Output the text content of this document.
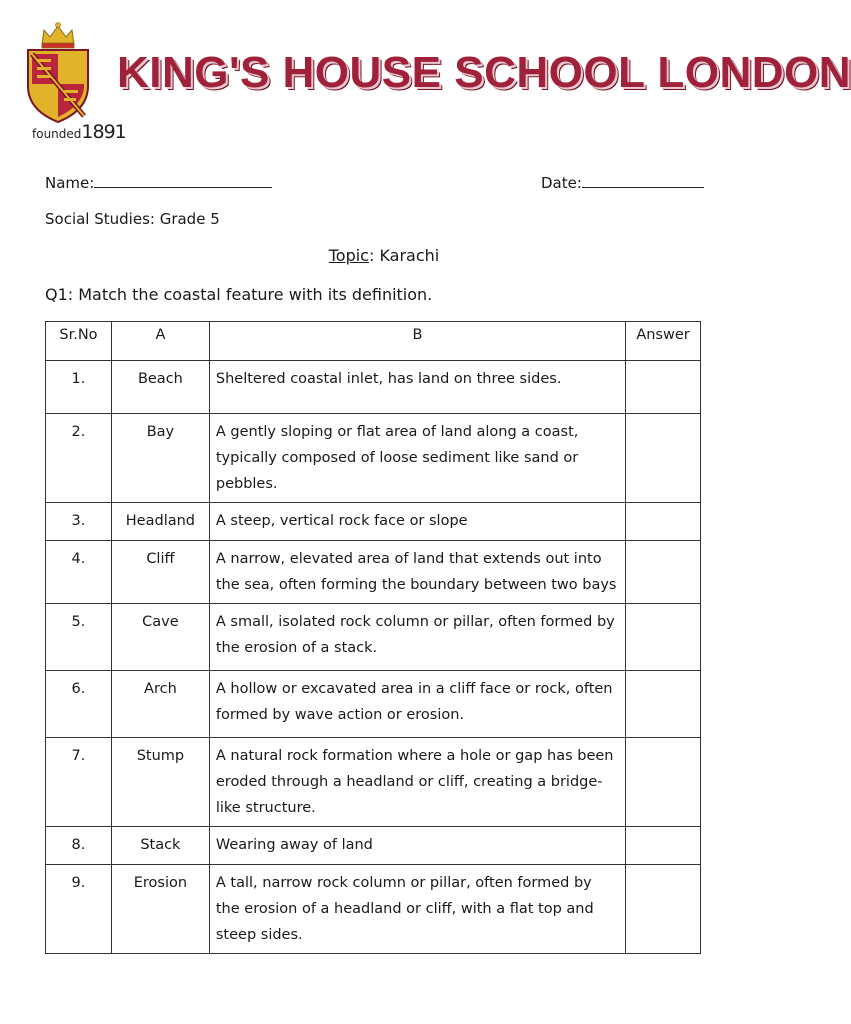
founded1891
KING'S HOUSE SCHOOL LONDON
Name:	Date:
Social Studies: Grade 5
Topic: Karachi
Q1: Match the coastal feature with its definition.
Sr.No	A	B	Answer
1.	Beach	Sheltered coastal inlet, has land on three sides.	
2.	Bay	A gently sloping or flat area of land along a coast, typically composed of loose sediment like sand or pebbles.	
3.	Headland	A steep, vertical rock face or slope	
4.	Cliff	A narrow, elevated area of land that extends out into the sea, often forming the boundary between two bays	
5.	Cave	A small, isolated rock column or pillar, often formed by the erosion of a stack.	
6.	Arch	A hollow or excavated area in a cliff face or rock, often formed by wave action or erosion.	
7.	Stump	A natural rock formation where a hole or gap has been eroded through a headland or cliff, creating a bridge-like structure.	
8.	Stack	Wearing away of land	
9.	Erosion	A tall, narrow rock column or pillar, often formed by the erosion of a headland or cliff, with a flat top and steep sides.	
